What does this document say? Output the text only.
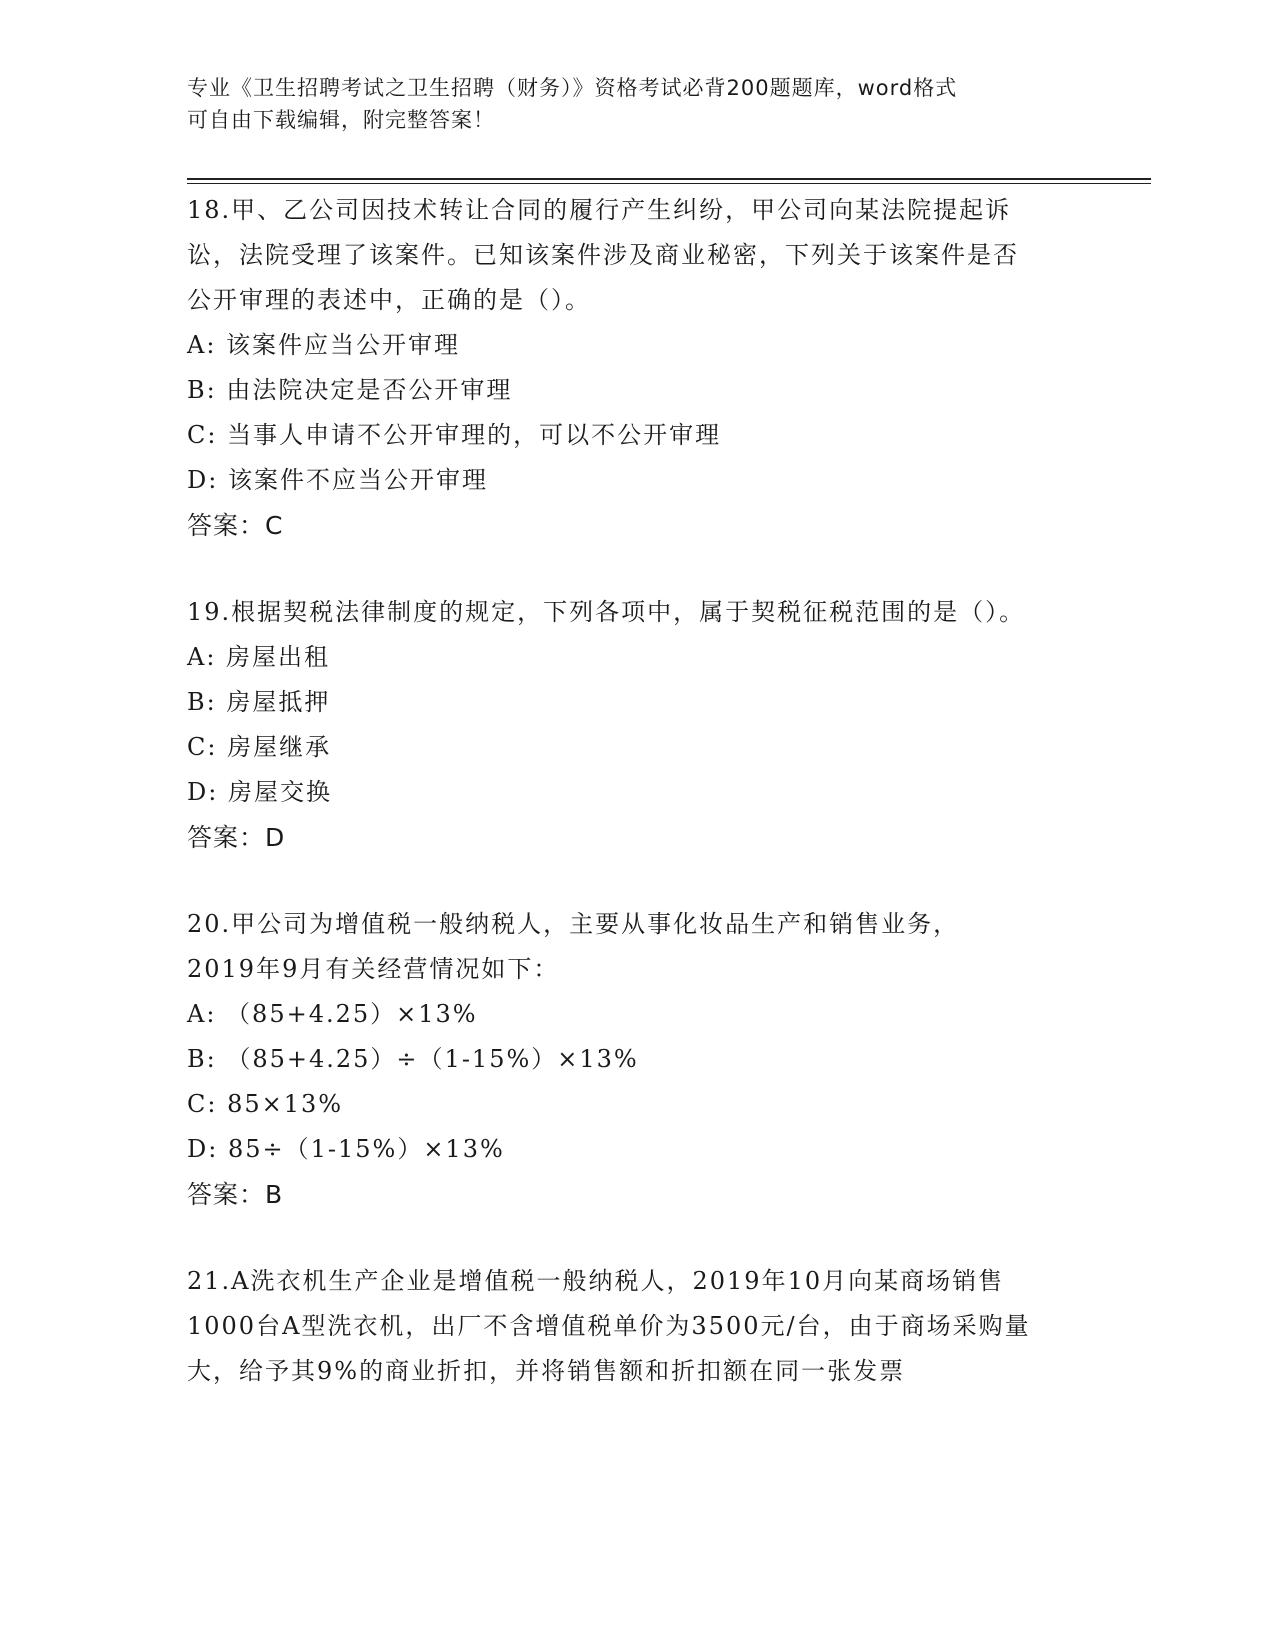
专业《卫生招聘考试之卫生招聘（财务）》资格考试必背200题题库，word格式
可自由下载编辑，附完整答案！

18.甲、乙公司因技术转让合同的履行产生纠纷，甲公司向某法院提起诉讼，法院受理了该案件。已知该案件涉及商业秘密，下列关于该案件是否公开审理的表述中，正确的是（）。

A: 该案件应当公开审理

B: 由法院决定是否公开审理

C: 当事人申请不公开审理的，可以不公开审理

D: 该案件不应当公开审理

答案：C

19.根据契税法律制度的规定，下列各项中，属于契税征税范围的是（）。

A: 房屋出租

B: 房屋抵押

C: 房屋继承

D: 房屋交换

答案：D

20.甲公司为增值税一般纳税人，主要从事化妆品生产和销售业务，2019年9月有关经营情况如下：

A: （85+4.25）×13%

B: （85+4.25）÷（1-15%）×13%

C: 85×13%

D: 85÷（1-15%）×13%

答案：B

21.A洗衣机生产企业是增值税一般纳税人，2019年10月向某商场销售1000台A型洗衣机，出厂不含增值税单价为3500元/台，由于商场采购量大，给予其9%的商业折扣，并将销售额和折扣额在同一张发票
